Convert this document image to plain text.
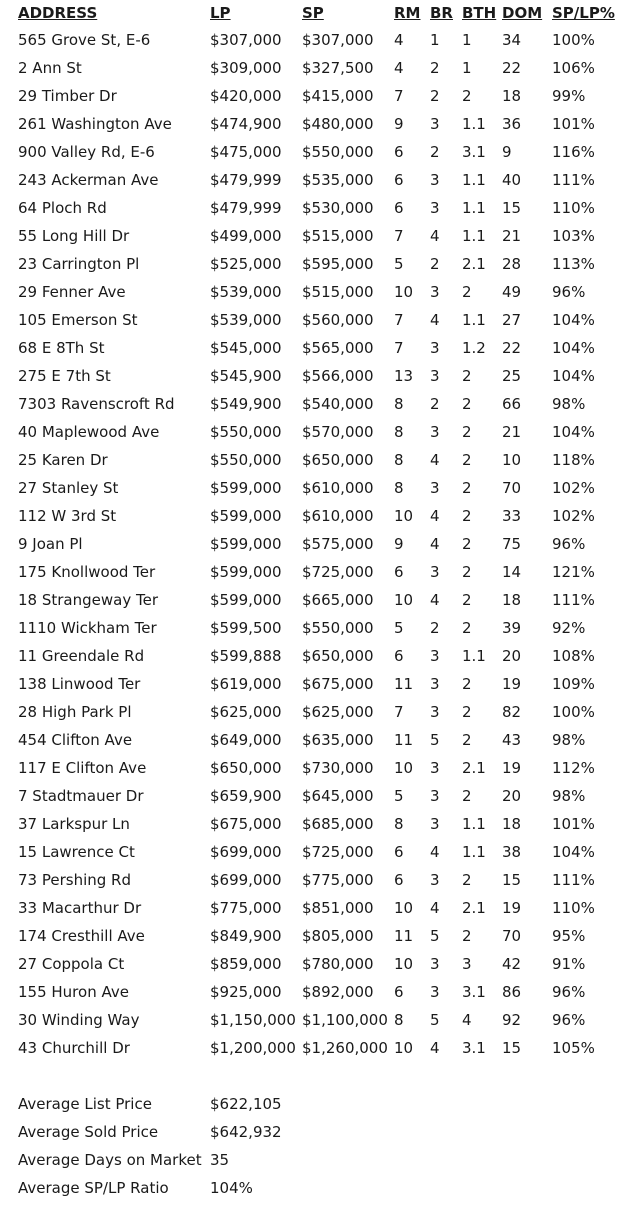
ADDRESS	LP	SP	RM BR BTH DOM SP/LP%
565 Grove St, E-6	$307,000 $307,000 4 1 1 34 100%
2 Ann St	$309,000 $327,500 4 2 1 22 106%
29 Timber Dr	$420,000 $415,000 7 2 2 18 99%
261 Washington Ave	$474,900 $480,000 9 3 1.1 36 101%
900 Valley Rd, E-6	$475,000 $550,000 6 2 3.1 9	116%
243 Ackerman Ave	$479,999 $535,000 6 3 1.1 40 111%
64 Ploch Rd	$479,999 $530,000 6 3 1.1 15 110%
55 Long Hill Dr	$499,000 $515,000 7 4 1.1 21 103%
23 Carrington Pl	$525,000 $595,000 5 2 2.1 28 113%
29 Fenner Ave	$539,000 $515,000 10 3 2 49 96%
105 Emerson St	$539,000 $560,000 7 4 1.1 27 104%
68 E 8Th St	$545,000 $565,000 7 3 1.2 22 104%
275 E 7th St	$545,900 $566,000 13 3 2 25 104%
7303 Ravenscroft Rd $549,900 $540,000 8 2 2 66 98%
40 Maplewood Ave	$550,000 $570,000 8 3 2 21 104%
25 Karen Dr	$550,000 $650,000 8 4 2 10 118%
27 Stanley St	$599,000 $610,000 8 3 2 70 102%
112 W 3rd St	$599,000 $610,000 10 4 2 33 102%
9 Joan Pl	$599,000 $575,000 9 4 2 75 96%
175 Knollwood Ter	$599,000 $725,000 6 3 2 14 121%
18 Strangeway Ter	$599,000 $665,000 10 4 2 18 111%
1110 Wickham Ter	$599,500 $550,000 5 2 2 39 92%
11 Greendale Rd	$599,888 $650,000 6 3 1.1 20 108%
138 Linwood Ter	$619,000 $675,000 11 3 2 19 109%
28 High Park Pl	$625,000 $625,000 7 3 2 82 100%
454 Clifton Ave	$649,000 $635,000 11 5 2 43 98%
117 E Clifton Ave	$650,000 $730,000 10 3 2.1 19 112%
7 Stadtmauer Dr	$659,900 $645,000 5 3 2 20 98%
37 Larkspur Ln	$675,000 $685,000 8 3 1.1 18 101%
15 Lawrence Ct	$699,000 $725,000 6 4 1.1 38 104%
73 Pershing Rd	$699,000 $775,000 6 3 2 15 111%
33 Macarthur Dr	$775,000 $851,000 10 4 2.1 19 110%
174 Cresthill Ave	$849,900 $805,000 11 5 2 70 95%
27 Coppola Ct	$859,000 $780,000 10 3 3 42 91%
155 Huron Ave	$925,000 $892,000 6 3 3.1 86 96%
30 Winding Way	$1,150,000 $1,100,000 8 5 4 92 96%
43 Churchill Dr	$1,200,000 $1,260,000 10 4 3.1 15 105%
Average List Price	$622,105
Average Sold Price	$642,932
Average Days on Market 35
Average SP/LP Ratio	104%
